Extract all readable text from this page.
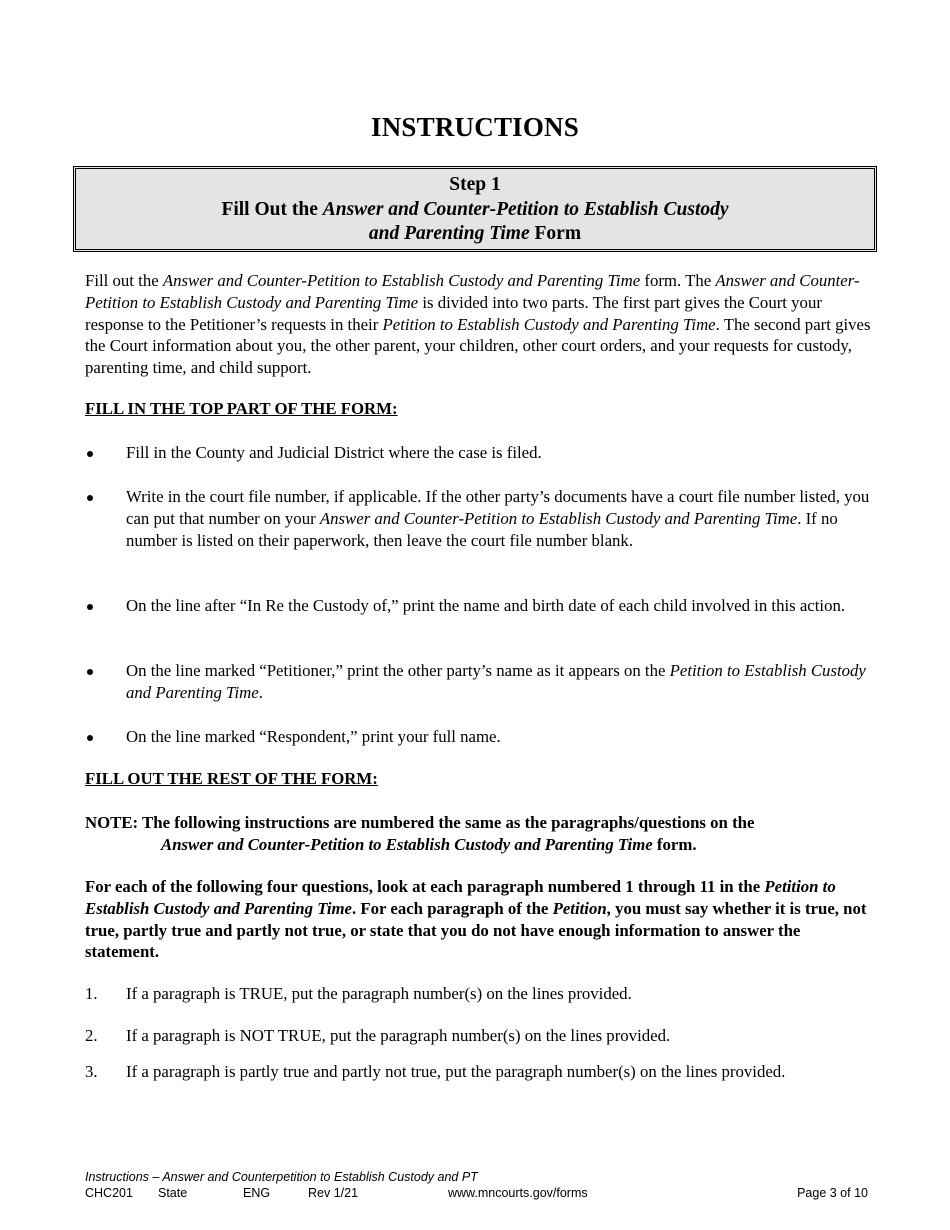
INSTRUCTIONS
Step 1
Fill Out the Answer and Counter-Petition to Establish Custody
and Parenting Time Form
Fill out the Answer and Counter-Petition to Establish Custody and Parenting Time form. The Answer and Counter-Petition to Establish Custody and Parenting Time is divided into two parts. The first part gives the Court your response to the Petitioner’s requests in their Petition to Establish Custody and Parenting Time. The second part gives the Court information about you, the other parent, your children, other court orders, and your requests for custody, parenting time, and child support.
FILL IN THE TOP PART OF THE FORM:
Fill in the County and Judicial District where the case is filed.
Write in the court file number, if applicable. If the other party’s documents have a court file number listed, you can put that number on your Answer and Counter-Petition to Establish Custody and Parenting Time. If no number is listed on their paperwork, then leave the court file number blank.
On the line after “In Re the Custody of,” print the name and birth date of each child involved in this action.
On the line marked “Petitioner,” print the other party’s name as it appears on the Petition to Establish Custody and Parenting Time.
On the line marked “Respondent,” print your full name.
FILL OUT THE REST OF THE FORM:
NOTE: The following instructions are numbered the same as the paragraphs/questions on the
Answer and Counter-Petition to Establish Custody and Parenting Time form.
For each of the following four questions, look at each paragraph numbered 1 through 11 in the Petition to Establish Custody and Parenting Time. For each paragraph of the Petition, you must say whether it is true, not true, partly true and partly not true, or state that you do not have enough information to answer the statement.
1. If a paragraph is TRUE, put the paragraph number(s) on the lines provided.
2. If a paragraph is NOT TRUE, put the paragraph number(s) on the lines provided.
3. If a paragraph is partly true and partly not true, put the paragraph number(s) on the lines provided.
Instructions – Answer and Counterpetition to Establish Custody and PT
CHC201 State	ENG	Rev 1/21	www.mncourts.gov/forms	Page 3 of 10
